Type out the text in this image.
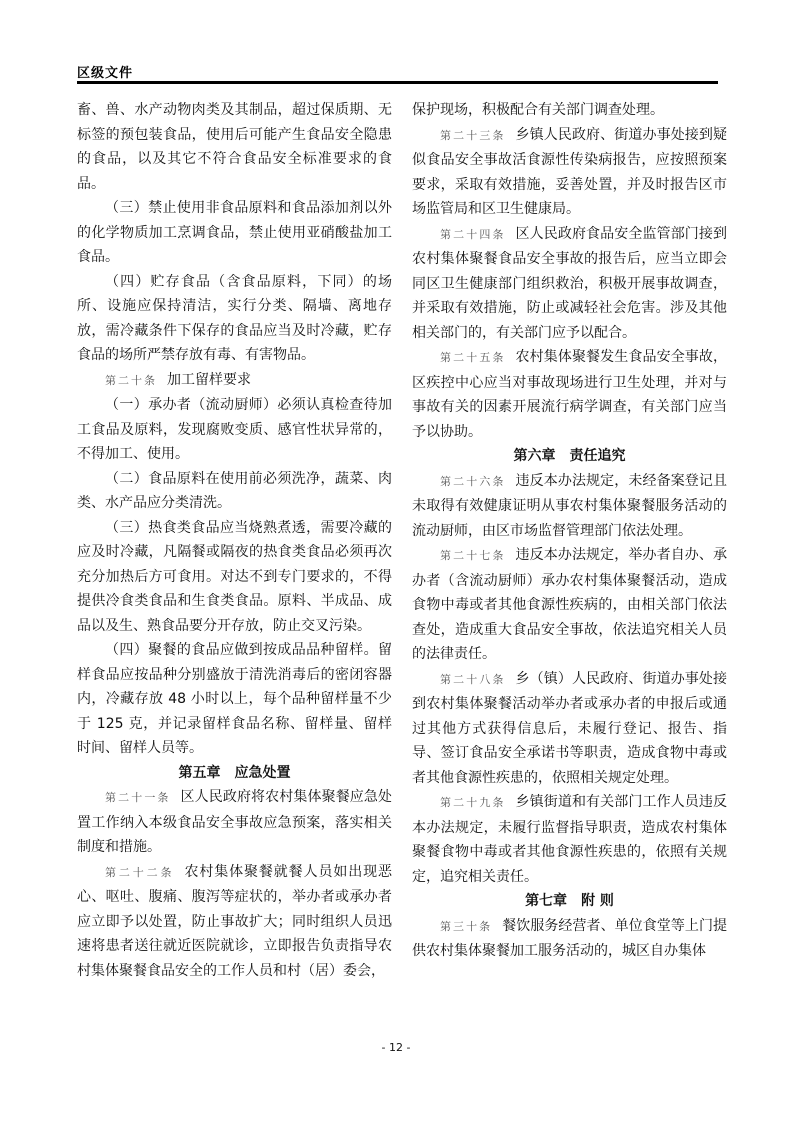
区级文件

畜、兽、水产动物肉类及其制品，超过保质期、无标签的预包装食品，使用后可能产生食品安全隐患的食品，以及其它不符合食品安全标准要求的食品。

（三）禁止使用非食品原料和食品添加剂以外的化学物质加工烹调食品，禁止使用亚硝酸盐加工食品。

（四）贮存食品（含食品原料，下同）的场所、设施应保持清洁，实行分类、隔墙、离地存放，需冷藏条件下保存的食品应当及时冷藏，贮存食品的场所严禁存放有毒、有害物品。

第二十条 加工留样要求

（一）承办者（流动厨师）必须认真检查待加工食品及原料，发现腐败变质、感官性状异常的，不得加工、使用。

（二）食品原料在使用前必须洗净，蔬菜、肉类、水产品应分类清洗。

（三）热食类食品应当烧熟煮透，需要冷藏的应及时冷藏，凡隔餐或隔夜的热食类食品必须再次充分加热后方可食用。对达不到专门要求的，不得提供冷食类食品和生食类食品。原料、半成品、成品以及生、熟食品要分开存放，防止交叉污染。

（四）聚餐的食品应做到按成品品种留样。留样食品应按品种分别盛放于清洗消毒后的密闭容器内，冷藏存放 48 小时以上，每个品种留样量不少于 125 克，并记录留样食品名称、留样量、留样时间、留样人员等。

第五章 应急处置

第二十一条 区人民政府将农村集体聚餐应急处置工作纳入本级食品安全事故应急预案，落实相关制度和措施。

第二十二条 农村集体聚餐就餐人员如出现恶心、呕吐、腹痛、腹泻等症状的，举办者或承办者应立即予以处置，防止事故扩大；同时组织人员迅速将患者送往就近医院就诊，立即报告负责指导农村集体聚餐食品安全的工作人员和村（居）委会，

保护现场，积极配合有关部门调查处理。

第二十三条 乡镇人民政府、街道办事处接到疑似食品安全事故活食源性传染病报告，应按照预案要求，采取有效措施，妥善处置，并及时报告区市场监管局和区卫生健康局。

第二十四条 区人民政府食品安全监管部门接到农村集体聚餐食品安全事故的报告后，应当立即会同区卫生健康部门组织救治，积极开展事故调查，并采取有效措施，防止或减轻社会危害。涉及其他相关部门的，有关部门应予以配合。

第二十五条 农村集体聚餐发生食品安全事故，区疾控中心应当对事故现场进行卫生处理，并对与事故有关的因素开展流行病学调查，有关部门应当予以协助。

第六章 责任追究

第二十六条 违反本办法规定，未经备案登记且未取得有效健康证明从事农村集体聚餐服务活动的流动厨师，由区市场监督管理部门依法处理。

第二十七条 违反本办法规定，举办者自办、承办者（含流动厨师）承办农村集体聚餐活动，造成食物中毒或者其他食源性疾病的，由相关部门依法查处，造成重大食品安全事故，依法追究相关人员的法律责任。

第二十八条 乡（镇）人民政府、街道办事处接到农村集体聚餐活动举办者或承办者的申报后或通过其他方式获得信息后，未履行登记、报告、指导、签订食品安全承诺书等职责，造成食物中毒或者其他食源性疾患的，依照相关规定处理。

第二十九条 乡镇街道和有关部门工作人员违反本办法规定，未履行监督指导职责，造成农村集体聚餐食物中毒或者其他食源性疾患的，依照有关规定，追究相关责任。

第七章 附 则

第三十条 餐饮服务经营者、单位食堂等上门提供农村集体聚餐加工服务活动的，城区自办集体

- 12 -
